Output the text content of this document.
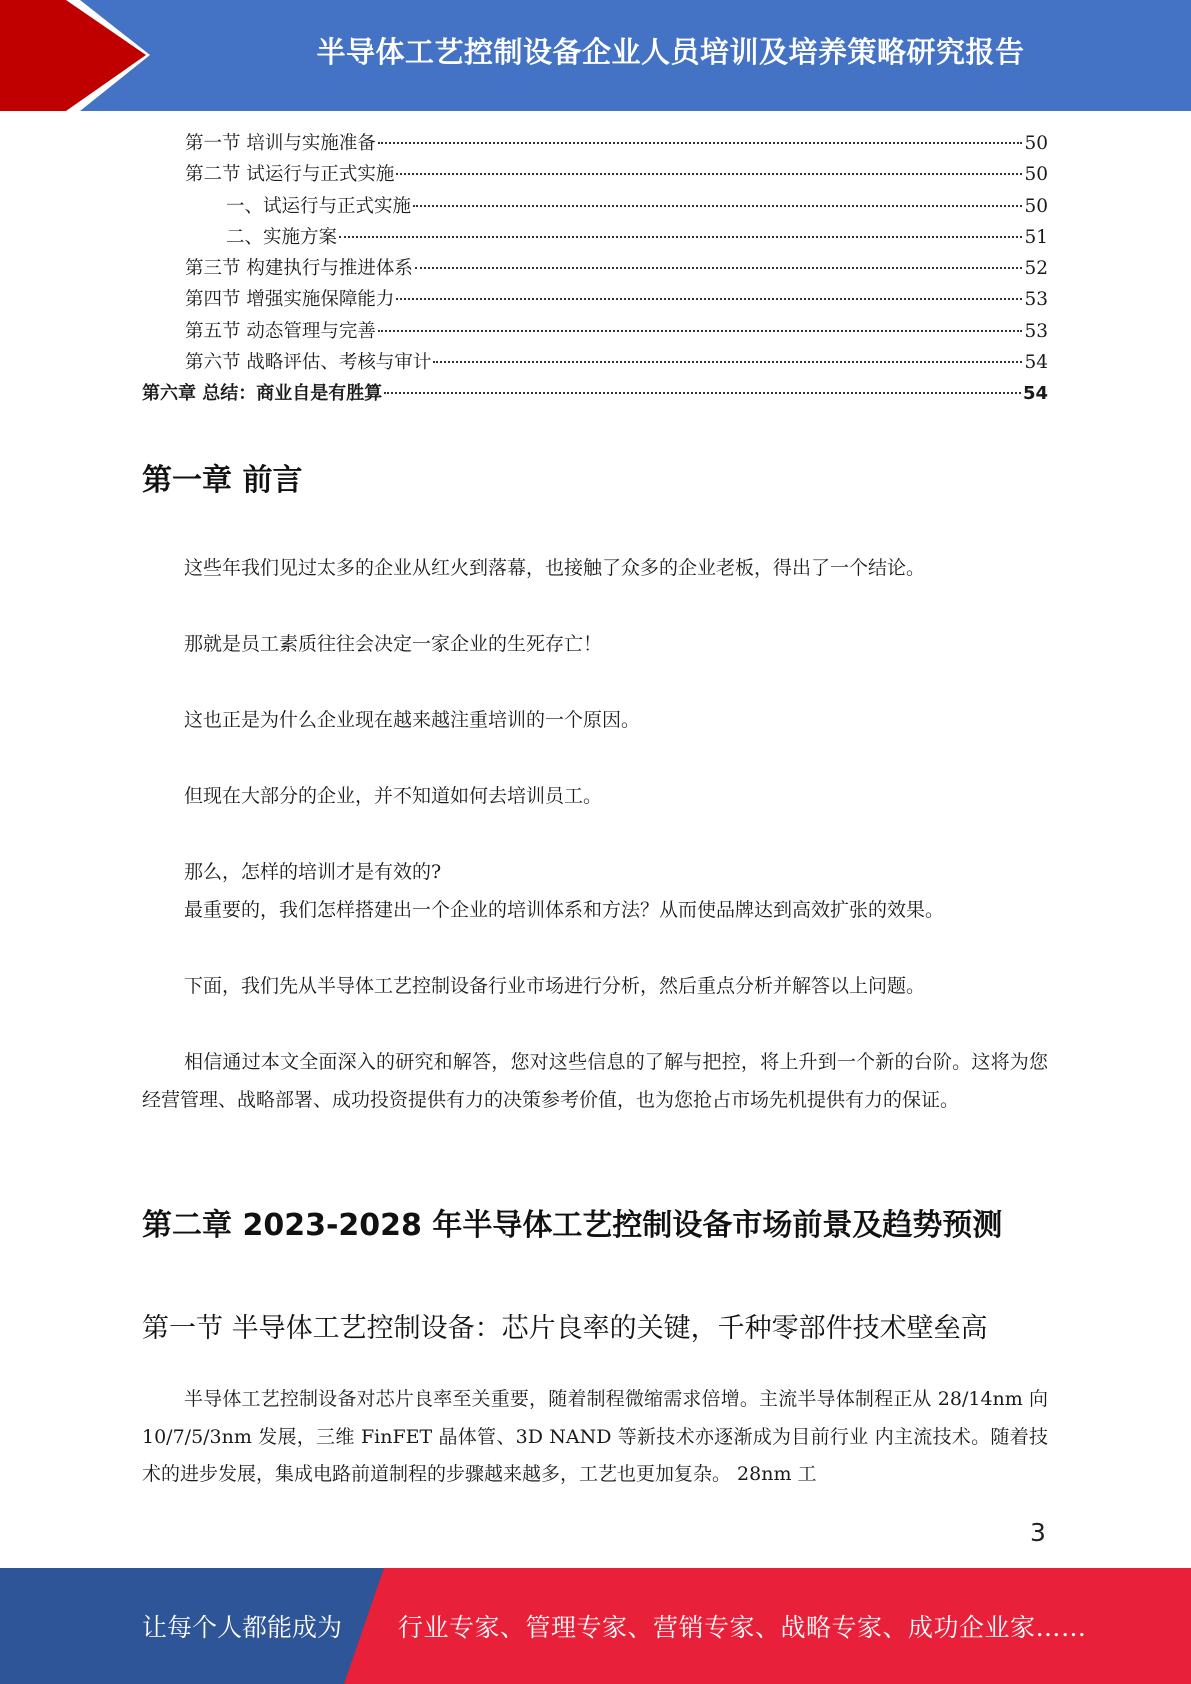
半导体工艺控制设备企业人员培训及培养策略研究报告
第一节 培训与实施准备	50
第二节 试运行与正式实施	50
一、试运行与正式实施	50
二、实施方案	51
第三节 构建执行与推进体系	52
第四节 增强实施保障能力	53
第五节 动态管理与完善	53
第六节 战略评估、考核与审计	54
第六章 总结：商业自是有胜算	54
第一章 前言

这些年我们见过太多的企业从红火到落幕，也接触了众多的企业老板，得出了一个结论。

那就是员工素质往往会决定一家企业的生死存亡！

这也正是为什么企业现在越来越注重培训的一个原因。

但现在大部分的企业，并不知道如何去培训员工。

那么，怎样的培训才是有效的?

最重要的，我们怎样搭建出一个企业的培训体系和方法？从而使品牌达到高效扩张的效果。

下面，我们先从半导体工艺控制设备行业市场进行分析，然后重点分析并解答以上问题。

相信通过本文全面深入的研究和解答，您对这些信息的了解与把控，将上升到一个新的台阶。这将为您经营管理、战略部署、成功投资提供有力的决策参考价值，也为您抢占市场先机提供有力的保证。

第二章 2023-2028 年半导体工艺控制设备市场前景及趋势预测
第一节 半导体工艺控制设备：芯片良率的关键，千种零部件技术壁垒高

半导体工艺控制设备对芯片良率至关重要，随着制程微缩需求倍增。主流半导体制程正从 28/14nm 向 10/7/5/3nm 发展，三维 FinFET 晶体管、3D NAND 等新技术亦逐渐成为目前行业 内主流技术。随着技术的进步发展，集成电路前道制程的步骤越来越多，工艺也更加复杂。 28nm 工

3
让每个人都能成为 行业专家、管理专家、营销专家、战略专家、成功企业家……
